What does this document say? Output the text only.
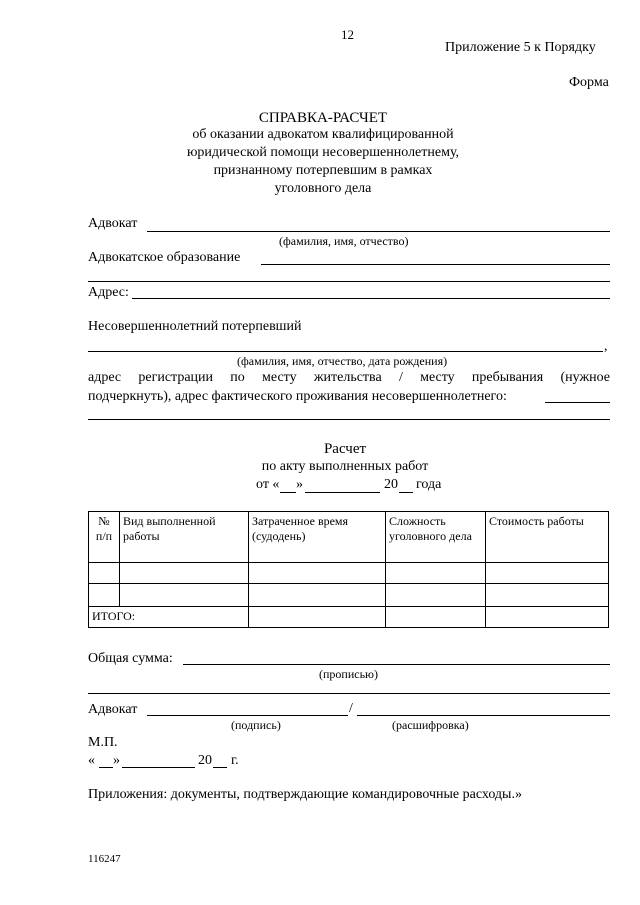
12
Приложение 5 к Порядку
Форма
СПРАВКА-РАСЧЕТ
об оказании адвокатом квалифицированной
юридической помощи несовершеннолетнему,
признанному потерпевшим в рамках
уголовного дела
Адвокат
(фамилия, имя, отчество)
Адвокатское образование
Адрес:
Несовершеннолетний потерпевший
,
(фамилия, имя, отчество, дата рождения)
адрес регистрации по месту жительства / месту пребывания (нужное
подчеркнуть), адрес фактического проживания несовершеннолетнего:
Расчет
по акту выполненных работ
от « »	20 года
№ п/п	Вид выполненной работы	Затраченное время (судодень)	Сложность уголовного дела	Стоимость работы

ИТОГО:				
Общая сумма:
(прописью)
Адвокат	/
(подпись)	(расшифровка)
М.П.
« »	20 г.
Приложения: документы, подтверждающие командировочные расходы.»
116247
